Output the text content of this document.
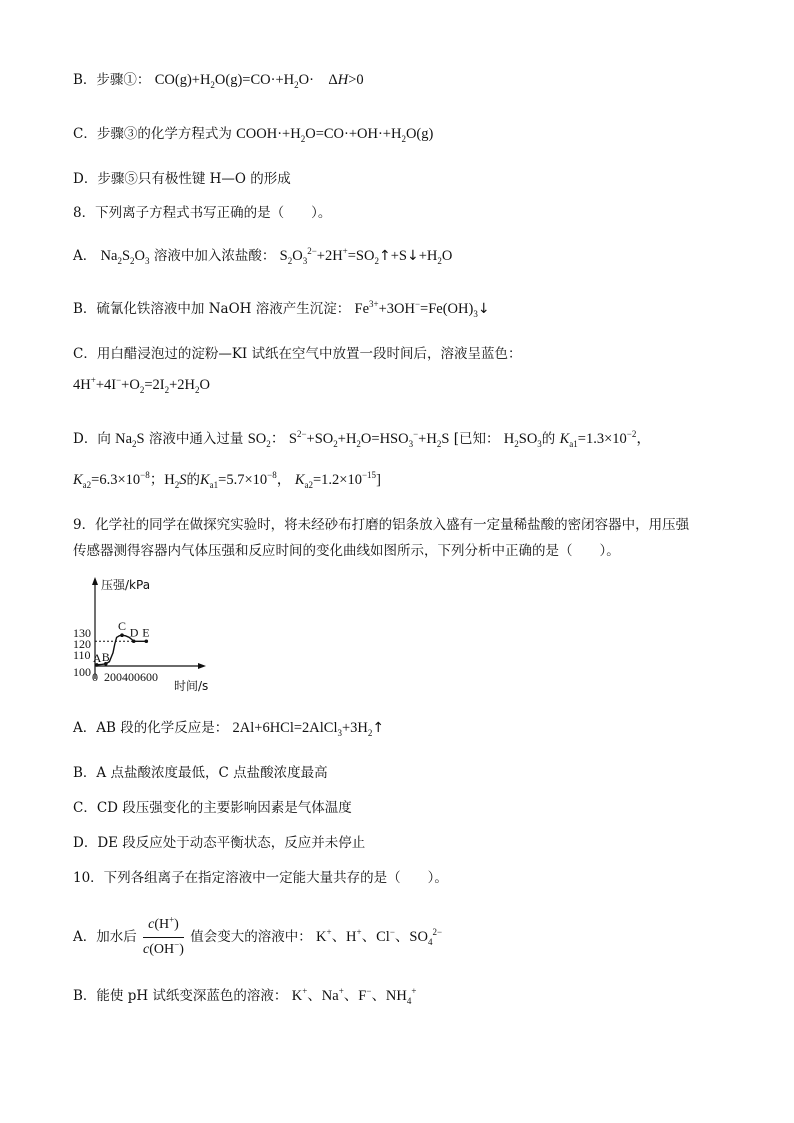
B．步骤①： $CO(g)+H_2O(g)=CO\cdot+H_2O\cdot$    ΔH>0
C．步骤③的化学方程式为 $COOH\cdot+H_2O=CO\cdot+OH\cdot+H_2O(g)$
D．步骤⑤只有极性键 H—O 的形成
8．下列离子方程式书写正确的是（　　）。
A． $Na_2S_2O_3$ 溶液中加入浓盐酸： $S_2O_3^{2-}+2H^+=SO_2↑+S↓+H_2O$
B．硫氰化铁溶液中加 NaOH 溶液产生沉淀： $Fe^{3+}+3OH^-=Fe(OH)_3↓$
C．用白醋浸泡过的淀粉—KI 试纸在空气中放置一段时间后，溶液呈蓝色：
$4H^++4I^-+O_2=2I_2+2H_2O$
D．向 $Na_2S$ 溶液中通入过量 $SO_2$： $S^{2-}+SO_2+H_2O=HSO_3^-+H_2S$ [已知： $H_2SO_3$的 $K_{a1}=1.3\times 10^{-2}$，
$K_{a2}=6.3\times 10^{-8}$；$H_2S$的$K_{a1}=5.7\times 10^{-8}$， $K_{a2}=1.2\times 10^{-15}$]
9．化学社的同学在做探究实验时，将未经砂布打磨的铝条放入盛有一定量稀盐酸的密闭容器中，用压强
传感器测得容器内气体压强和反应时间的变化曲线如图所示，下列分析中正确的是（　　）。
压强/kPa
时间/s
130
120
110
100 0 200 400 600
A B
C D E
A．AB 段的化学反应是： $2Al+6HCl=2AlCl_3+3H_2↑$
B．A 点盐酸浓度最低，C 点盐酸浓度最高
C．CD 段压强变化的主要影响因素是气体温度
D．DE 段反应处于动态平衡状态，反应并未停止
10．下列各组离子在指定溶液中一定能大量共存的是（　　）。
A．加水后 $\frac{c(H^+)}{c(OH^-)}$ 值会变大的溶液中： K+、H+、Cl−、$SO_4^{2-}$
B．能使 pH 试纸变深蓝色的溶液： K+、Na+、F−、$NH_4^+$
